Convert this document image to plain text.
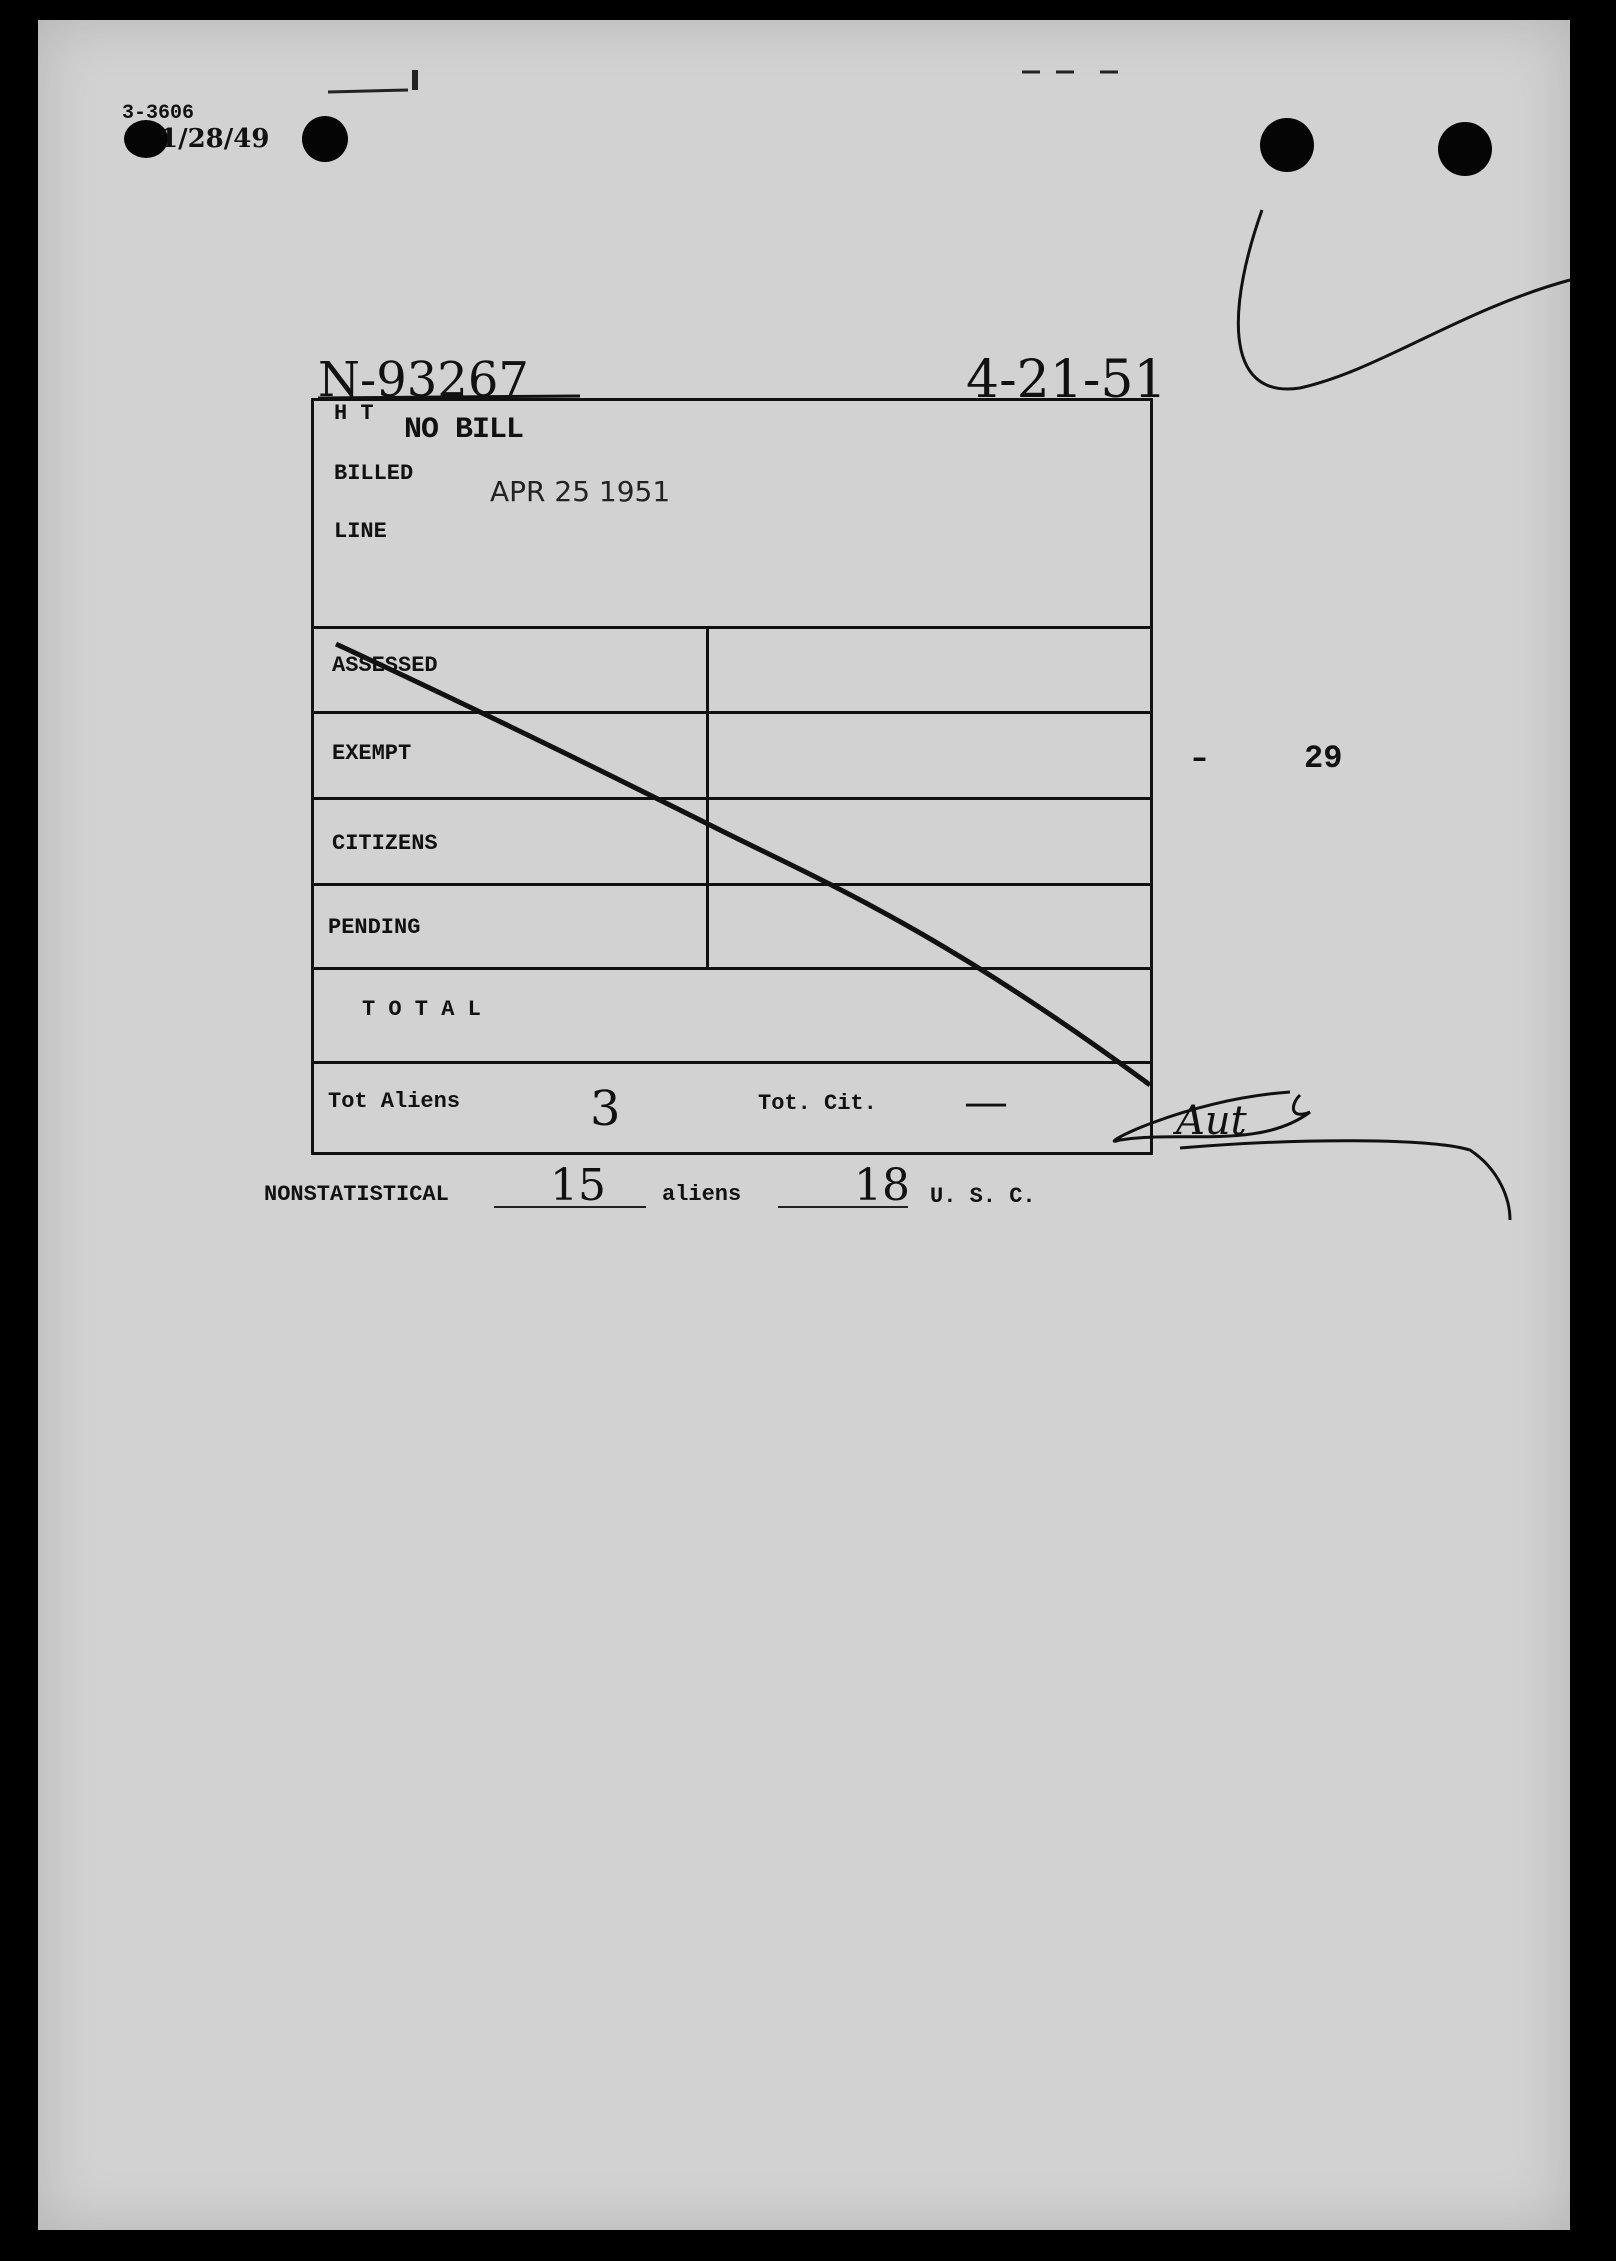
3-3606
1/28/49
N-93267	4-21-51
H T NO BILL
BILLED
APR 25 1951
LINE
ASSESSED
EXEMPT
CITIZENS
PENDING
T O T A L
Tot Aliens	3	Tot. Cit. —
29
–
NONSTATISTICAL 15	aliens	18 U. S. C.
Aut
